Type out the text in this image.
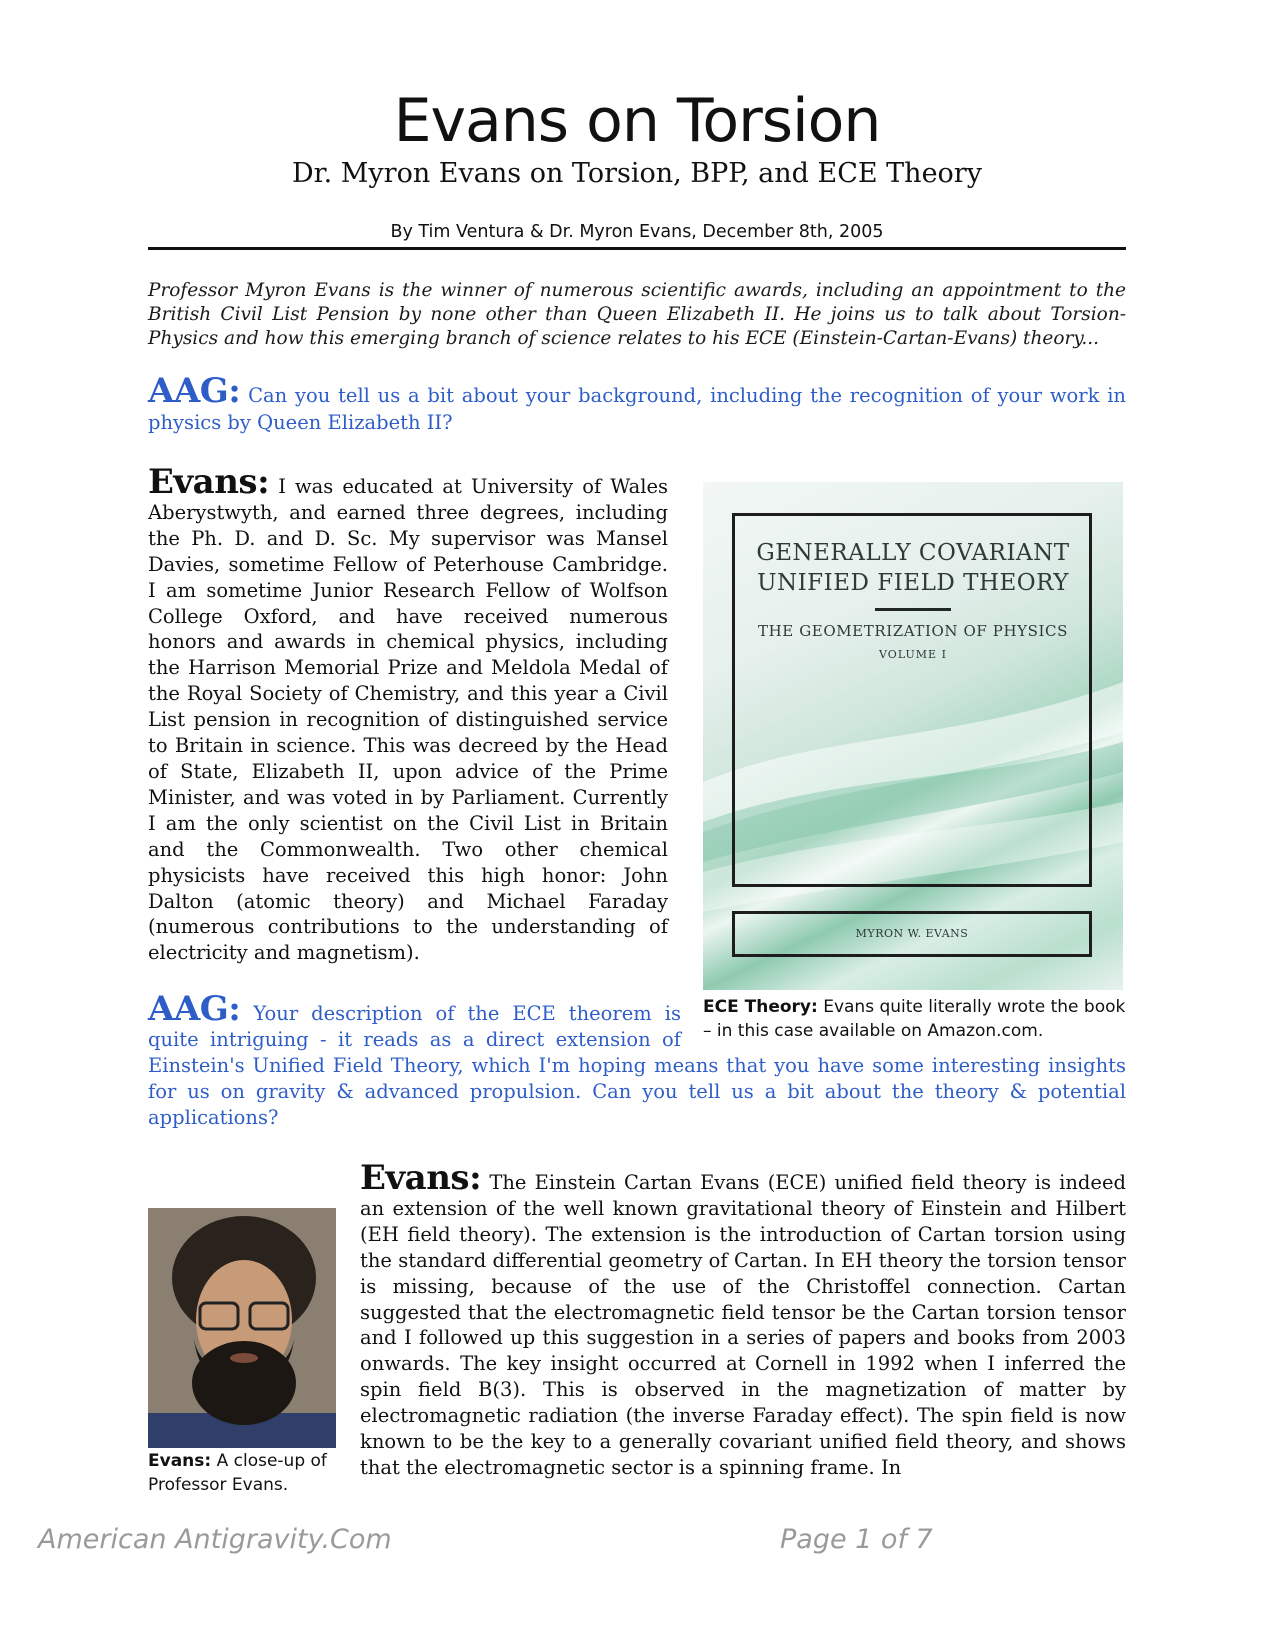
Evans on Torsion

Dr. Myron Evans on Torsion, BPP, and ECE Theory

By Tim Ventura & Dr. Myron Evans, December 8th, 2005

Professor Myron Evans is the winner of numerous scientific awards, including an appointment to the British Civil List Pension by none other than Queen Elizabeth II. He joins us to talk about Torsion-Physics and how this emerging branch of science relates to his ECE (Einstein-Cartan-Evans) theory...

AAG: Can you tell us a bit about your background, including the recognition of your work in physics by Queen Elizabeth II?

Evans: I was educated at University of Wales Aberystwyth, and earned three degrees, including the Ph. D. and D. Sc. My supervisor was Mansel Davies, sometime Fellow of Peterhouse Cambridge. I am sometime Junior Research Fellow of Wolfson College Oxford, and have received numerous honors and awards in chemical physics, including the Harrison Memorial Prize and Meldola Medal of the Royal Society of Chemistry, and this year a Civil List pension in recognition of distinguished service to Britain in science. This was decreed by the Head of State, Elizabeth II, upon advice of the Prime Minister, and was voted in by Parliament. Currently I am the only scientist on the Civil List in Britain and the Commonwealth. Two other chemical physicists have received this high honor: John Dalton (atomic theory) and Michael Faraday (numerous contributions to the understanding of electricity and magnetism).

GENERALLY COVARIANT
UNIFIED FIELD THEORY

THE GEOMETRIZATION OF PHYSICS

VOLUME I

MYRON W. EVANS

ECE Theory: Evans quite literally wrote the book – in this case available on Amazon.com.

AAG: Your description of the ECE theorem is quite intriguing - it reads as a direct extension of Einstein's Unified Field Theory, which I'm hoping means that you have some interesting insights for us on gravity & advanced propulsion. Can you tell us a bit about the theory & potential applications?

Evans: The Einstein Cartan Evans (ECE) unified field theory is indeed an extension of the well known gravitational theory of Einstein and Hilbert (EH field theory). The extension is the introduction of Cartan torsion using the standard differential geometry of Cartan. In EH theory the torsion tensor is missing, because of the use of the Christoffel connection. Cartan suggested that the electromagnetic field tensor be the Cartan torsion tensor and I followed up this suggestion in a series of papers and books from 2003 onwards. The key insight occurred at Cornell in 1992 when I inferred the spin field B(3). This is observed in the magnetization of matter by electromagnetic radiation (the inverse Faraday effect). The spin field is now known to be the key to a generally covariant unified field theory, and shows that the electromagnetic sector is a spinning frame. In

Evans: A close-up of Professor Evans.

American Antigravity.Com	Page 1 of 7
